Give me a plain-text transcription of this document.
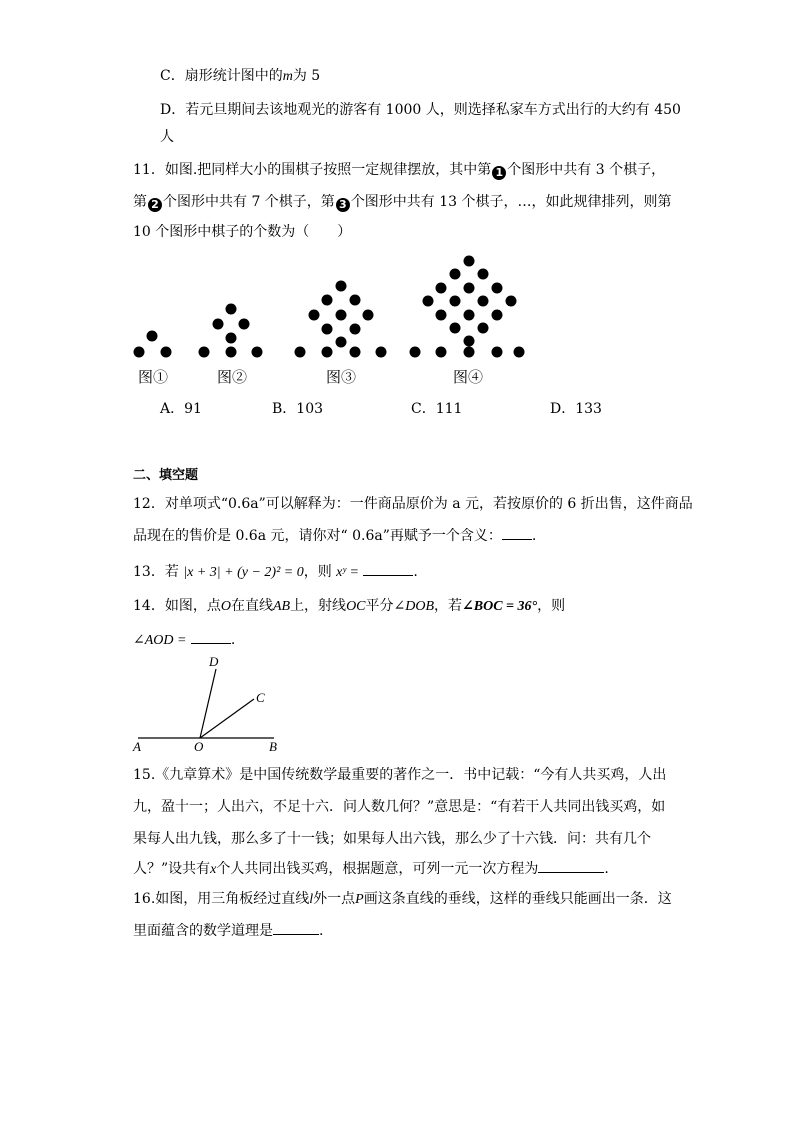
C．扇形统计图中的m为 5
D．若元旦期间去该地观光的游客有 1000 人，则选择私家车方式出行的大约有 450
人
11．如图.把同样大小的围棋子按照一定规律摆放，其中第 1 个图形中共有 3 个棋子，
第 2 个图形中共有 7 个棋子，第 3 个图形中共有 13 个棋子，…，如此规律排列，则第
10 个图形中棋子的个数为（　　）
图①	图②	图③	图④
A．91	B．103	C．111	D．133
二、填空题
12．对单项式“0.6a”可以解释为：一件商品原价为 a 元，若按原价的 6 折出售，这件商品
品现在的售价是 0.6a 元，请你对“ 0.6a”再赋予一个含义： .
13．若 |x + 3| + (y − 2)² = 0，则 xʸ =	.
14．如图，点O在直线AB上，射线OC平分∠DOB，若∠BOC = 36°，则
∠AOD =	.
D
C
A	O	B
15.《九章算术》是中国传统数学最重要的著作之一．书中记载：“今有人共买鸡，人出
九，盈十一；人出六，不足十六．问人数几何？”意思是：“有若干人共同出钱买鸡，如
果每人出九钱，那么多了十一钱；如果每人出六钱，那么少了十六钱．问：共有几个
人？”设共有x个人共同出钱买鸡，根据题意，可列一元一次方程为	.
16.如图，用三角板经过直线l外一点P画这条直线的垂线，这样的垂线只能画出一条．这
里面蕴含的数学道理是	.
